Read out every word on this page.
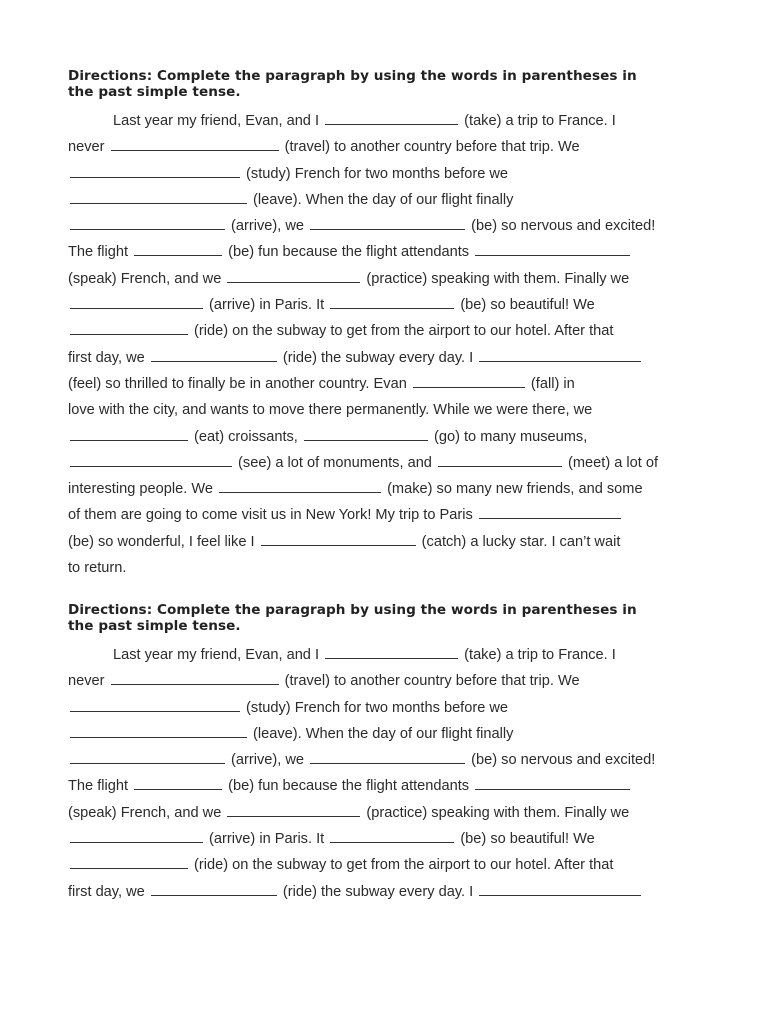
Directions: Complete the paragraph by using the words in parentheses in
the past simple tense.
Last year my friend, Evan, and I	(take) a trip to France. I
never	(travel) to another country before that trip. We
(study) French for two months before we
(leave). When the day of our flight finally
(arrive), we	(be) so nervous and excited!
The flight	(be) fun because the flight attendants
(speak) French, and we	(practice) speaking with them. Finally we
(arrive) in Paris. It	(be) so beautiful! We
(ride) on the subway to get from the airport to our hotel. After that
first day, we	(ride) the subway every day. I
(feel) so thrilled to finally be in another country. Evan	(fall) in
love with the city, and wants to move there permanently. While we were there, we
(eat) croissants,	(go) to many museums,
(see) a lot of monuments, and	(meet) a lot of
interesting people. We	(make) so many new friends, and some
of them are going to come visit us in New York! My trip to Paris
(be) so wonderful, I feel like I	(catch) a lucky star. I can’t wait
to return.
Directions: Complete the paragraph by using the words in parentheses in
the past simple tense.
Last year my friend, Evan, and I	(take) a trip to France. I
never	(travel) to another country before that trip. We
(study) French for two months before we
(leave). When the day of our flight finally
(arrive), we	(be) so nervous and excited!
The flight	(be) fun because the flight attendants
(speak) French, and we	(practice) speaking with them. Finally we
(arrive) in Paris. It	(be) so beautiful! We
(ride) on the subway to get from the airport to our hotel. After that
first day, we	(ride) the subway every day. I
